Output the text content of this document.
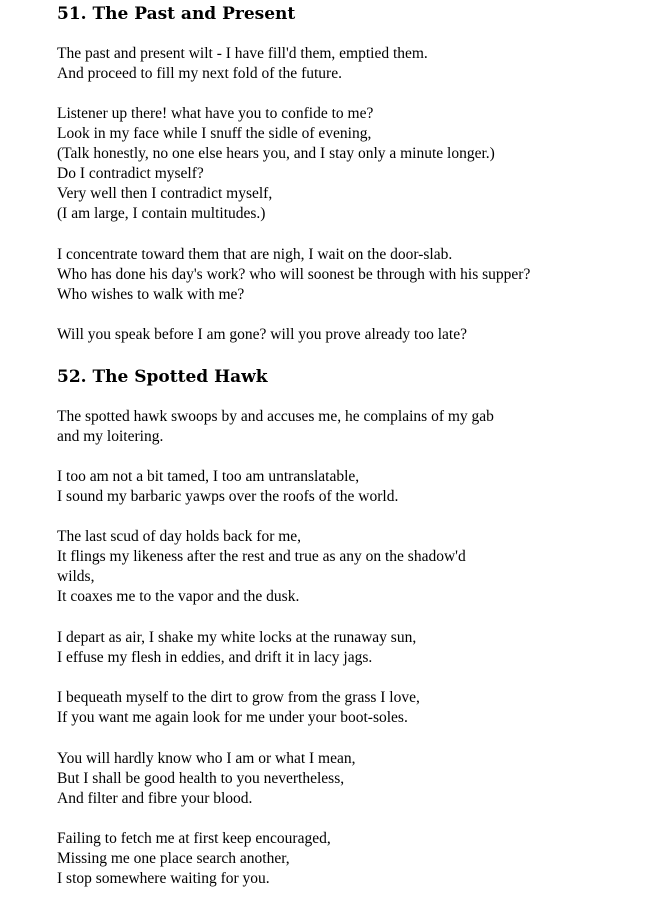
51. The Past and Present
The past and present wilt - I have fill'd them, emptied them.
And proceed to fill my next fold of the future.
Listener up there! what have you to confide to me?
Look in my face while I snuff the sidle of evening,
(Talk honestly, no one else hears you, and I stay only a minute longer.)
Do I contradict myself?
Very well then I contradict myself,
(I am large, I contain multitudes.)
I concentrate toward them that are nigh, I wait on the door-slab.
Who has done his day's work? who will soonest be through with his supper?
Who wishes to walk with me?
Will you speak before I am gone? will you prove already too late?
52. The Spotted Hawk
The spotted hawk swoops by and accuses me, he complains of my gab
and my loitering.
I too am not a bit tamed, I too am untranslatable,
I sound my barbaric yawps over the roofs of the world.
The last scud of day holds back for me,
It flings my likeness after the rest and true as any on the shadow'd
wilds,
It coaxes me to the vapor and the dusk.
I depart as air, I shake my white locks at the runaway sun,
I effuse my flesh in eddies, and drift it in lacy jags.
I bequeath myself to the dirt to grow from the grass I love,
If you want me again look for me under your boot-soles.
You will hardly know who I am or what I mean,
But I shall be good health to you nevertheless,
And filter and fibre your blood.
Failing to fetch me at first keep encouraged,
Missing me one place search another,
I stop somewhere waiting for you.
